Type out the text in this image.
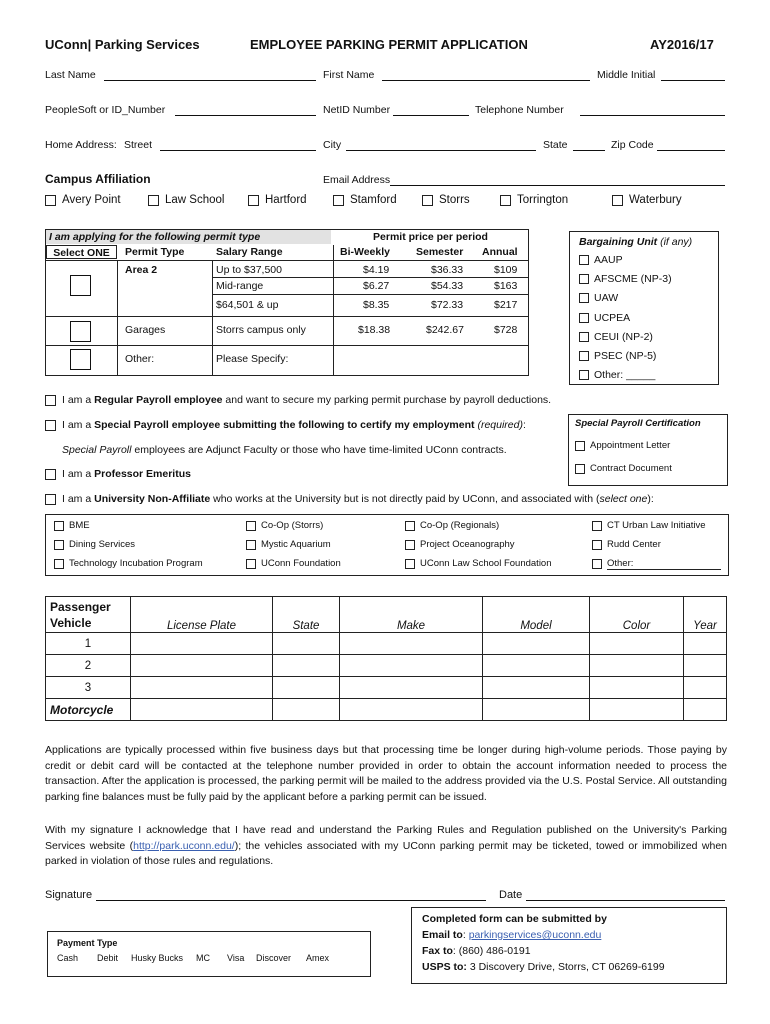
UConn| Parking Services	EMPLOYEE PARKING PERMIT APPLICATION	AY2016/17
Last Name	First Name	Middle Initial
PeopleSoft or ID_Number	NetID Number	Telephone Number
Home Address: Street	City	State	Zip Code
Campus Affiliation	Email Address
Avery Point	Law School	Hartford	Stamford	Storrs	Torrington	Waterbury
I am applying for the following permit type	Permit price per period
Select ONE	Permit Type	Salary Range	Bi-Weekly Semester Annual
Area 2	Up to $37,500	$4.19	$36.33	$109
Mid-range	$6.27	$54.33	$163
$64,501 & up	$8.35	$72.33	$217
Garages	Storrs campus only	$18.38	$242.67	$728
Other:	Please Specify:
Bargaining Unit (if any)
AAUP
AFSCME (NP-3)
UAW
UCPEA
CEUI (NP-2)
PSEC (NP-5)
Other: _____
I am a Regular Payroll employee and want to secure my parking permit purchase by payroll deductions.
I am a Special Payroll employee submitting the following to certify my employment
(required) :
Special Payroll employees are Adjunct Faculty or those who have time-limited UConn contracts.
Special Payroll Certification
Appointment Letter
Contract Document
I am a Professor Emeritus
I am a University Non-Affiliate who works at the University but is not directly paid by UConn, and associated with ( select one ):
BME	Co-Op (Storrs)	Co-Op (Regionals)	CT Urban Law Initiative
Dining Services	Mystic Aquarium	Project Oceanography	Rudd Center
Technology Incubation Program	UConn Foundation	UConn Law School Foundation	Other:
Passenger
Vehicle	License Plate	State	Make	Model	Color	Year
1						
2						
3						
Motorcycle						
Applications are typically processed within five business days but that processing time be longer during high-volume periods. Those paying by credit or debit card will be contacted at the telephone number provided in order to obtain the account information needed to process the transaction. After the application is processed, the parking permit will be mailed to the address provided via the U.S. Postal Service. All outstanding parking fine balances must be fully paid by the applicant before a parking permit can be issued.
With my signature I acknowledge that I have read and understand the Parking Rules and Regulation published on the University's Parking Services website (http://park.uconn.edu/); the vehicles associated with my UConn parking permit may be ticketed, towed or immobilized when parked in violation of those rules and regulations.
Signature	Date
Payment Type
Cash Debit Husky Bucks MC Visa Discover Amex
Completed form can be submitted by
Email to: parkingservices@uconn.edu
Fax to: (860) 486-0191
USPS to: 3 Discovery Drive, Storrs, CT 06269-6199
